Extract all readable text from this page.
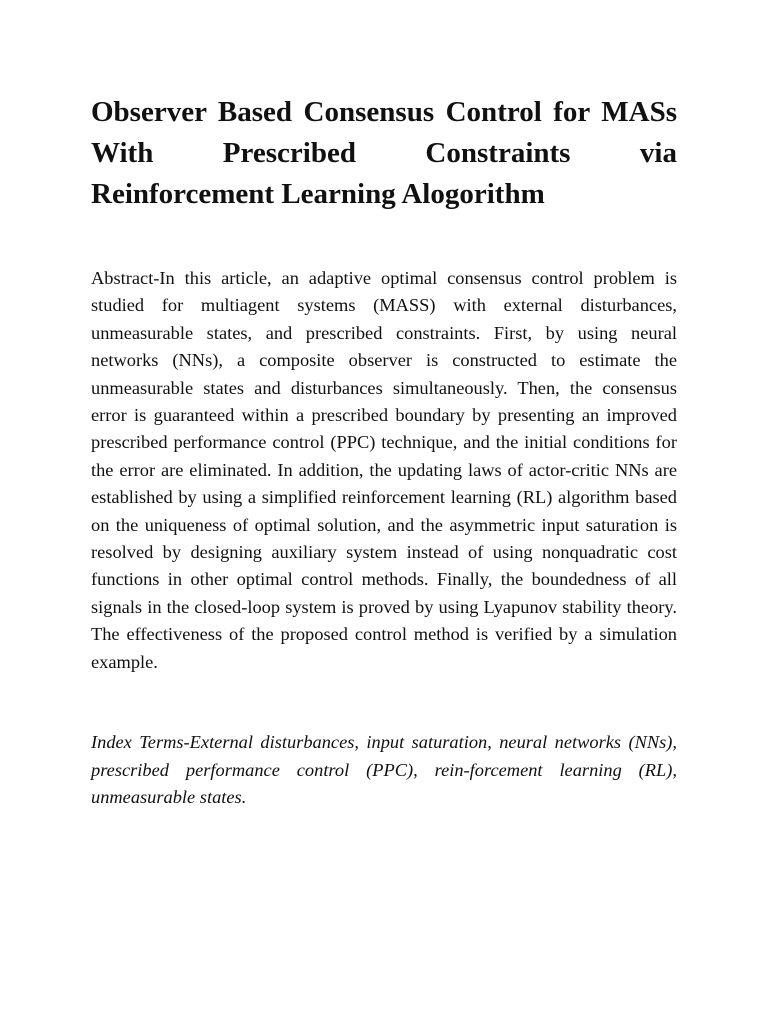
Observer Based Consensus Control for MASs With Prescribed Constraints via Reinforcement Learning Alogorithm

Abstract-In this article, an adaptive optimal consensus control problem is studied for multiagent systems (MASS) with external disturbances, unmeasurable states, and prescribed constraints. First, by using neural networks (NNs), a composite observer is constructed to estimate the unmeasurable states and disturbances simultaneously. Then, the consensus error is guaranteed within a prescribed boundary by presenting an improved prescribed performance control (PPC) technique, and the initial conditions for the error are eliminated. In addition, the updating laws of actor-critic NNs are established by using a simplified reinforcement learning (RL) algorithm based on the uniqueness of optimal solution, and the asymmetric input saturation is resolved by designing auxiliary system instead of using nonquadratic cost functions in other optimal control methods. Finally, the boundedness of all signals in the closed-loop system is proved by using Lyapunov stability theory. The effectiveness of the proposed control method is verified by a simulation example.

Index Terms-External disturbances, input saturation, neural networks (NNs), prescribed performance control (PPC), rein-forcement learning (RL), unmeasurable states.
